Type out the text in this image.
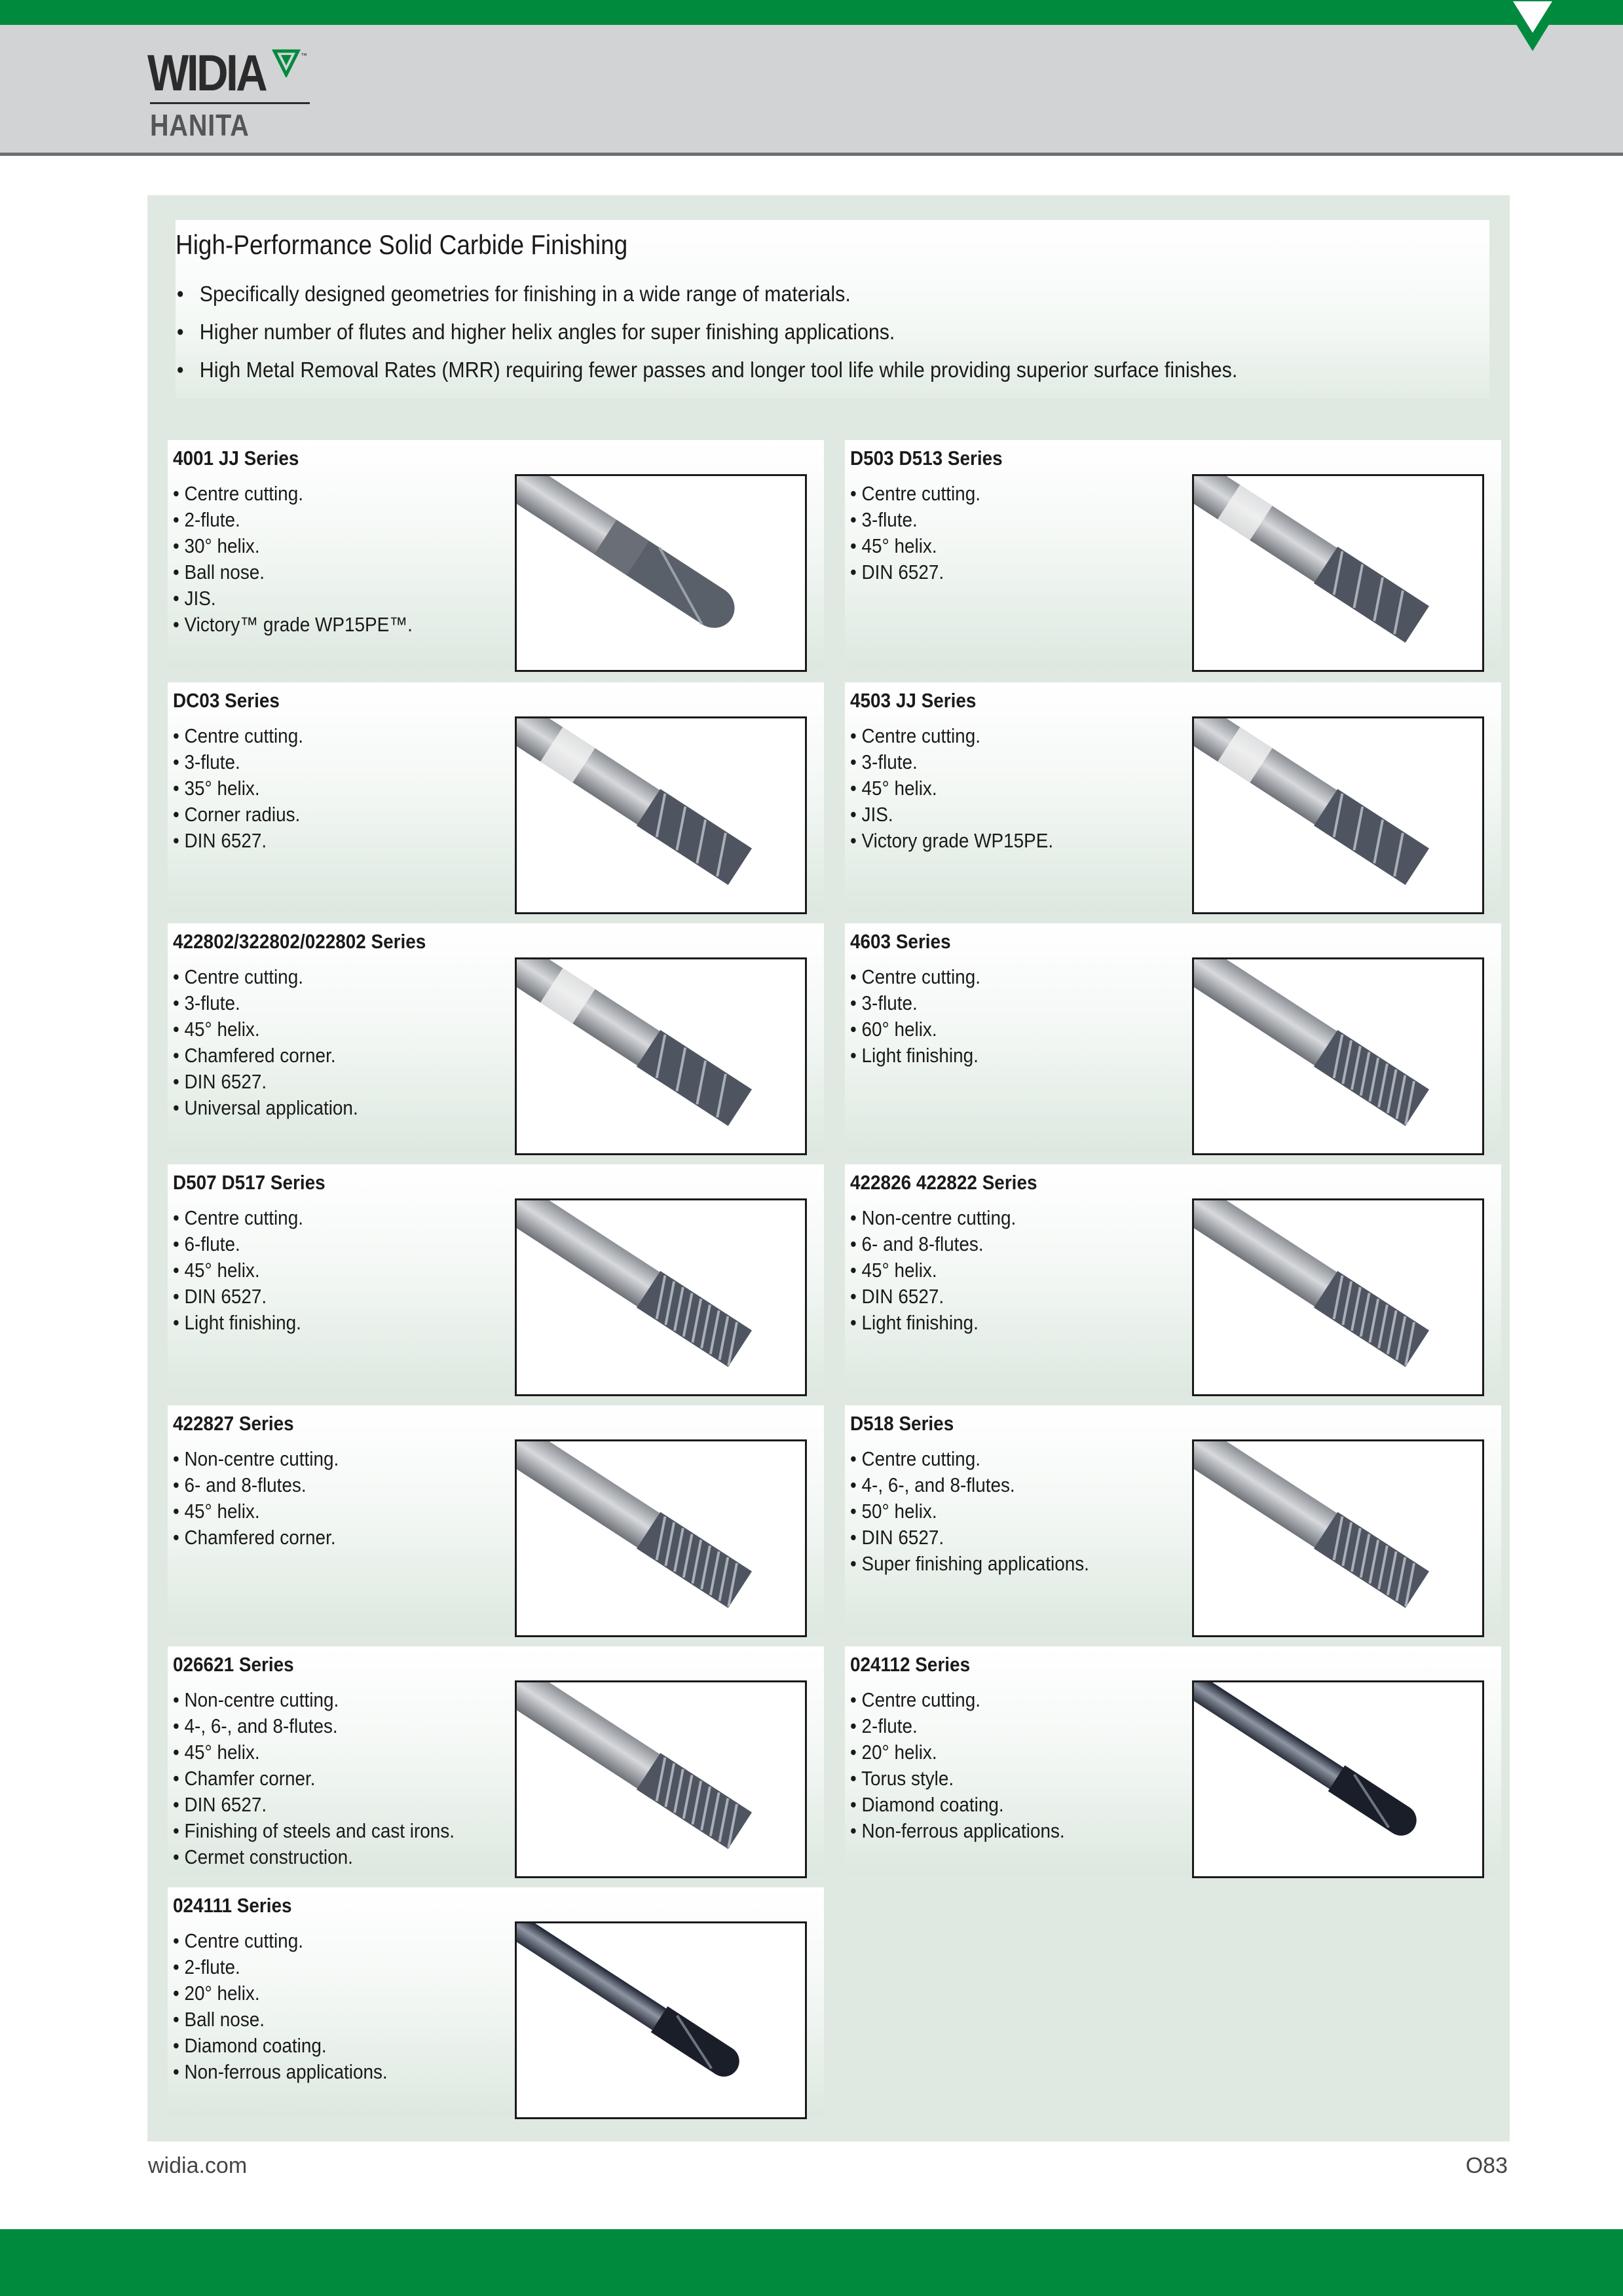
WIDIA	™
HANITA
High-Performance Solid Carbide Finishing
• Specifically designed geometries for finishing in a wide range of materials.
• Higher number of flutes and higher helix angles for super finishing applications.
• High Metal Removal Rates (MRR) requiring fewer passes and longer tool life while providing superior surface finishes.
4001 JJ Series
• Centre cutting.
• 2-flute.
• 30° helix.
• Ball nose.
• JIS.
• Victory™ grade WP15PE™.
D503 D513 Series
• Centre cutting.
• 3-flute.
• 45° helix.
• DIN 6527.
DC03 Series
• Centre cutting.
• 3-flute.
• 35° helix.
• Corner radius.
• DIN 6527.
4503 JJ Series
• Centre cutting.
• 3-flute.
• 45° helix.
• JIS.
• Victory grade WP15PE.
422802/322802/022802 Series
• Centre cutting.
• 3-flute.
• 45° helix.
• Chamfered corner.
• DIN 6527.
• Universal application.
4603 Series
• Centre cutting.
• 3-flute.
• 60° helix.
• Light finishing.
D507 D517 Series
• Centre cutting.
• 6-flute.
• 45° helix.
• DIN 6527.
• Light finishing.
422826 422822 Series
• Non-centre cutting.
• 6- and 8-flutes.
• 45° helix.
• DIN 6527.
• Light finishing.
422827 Series
• Non-centre cutting.
• 6- and 8-flutes.
• 45° helix.
• Chamfered corner.
D518 Series
• Centre cutting.
• 4-, 6-, and 8-flutes.
• 50° helix.
• DIN 6527.
• Super finishing applications.
026621 Series
• Non-centre cutting.
• 4-, 6-, and 8-flutes.
• 45° helix.
• Chamfer corner.
• DIN 6527.
• Finishing of steels and cast irons.
• Cermet construction.
024112 Series
• Centre cutting.
• 2-flute.
• 20° helix.
• Torus style.
• Diamond coating.
• Non-ferrous applications.
024111 Series
• Centre cutting.
• 2-flute.
• 20° helix.
• Ball nose.
• Diamond coating.
• Non-ferrous applications.
widia.com	O83
